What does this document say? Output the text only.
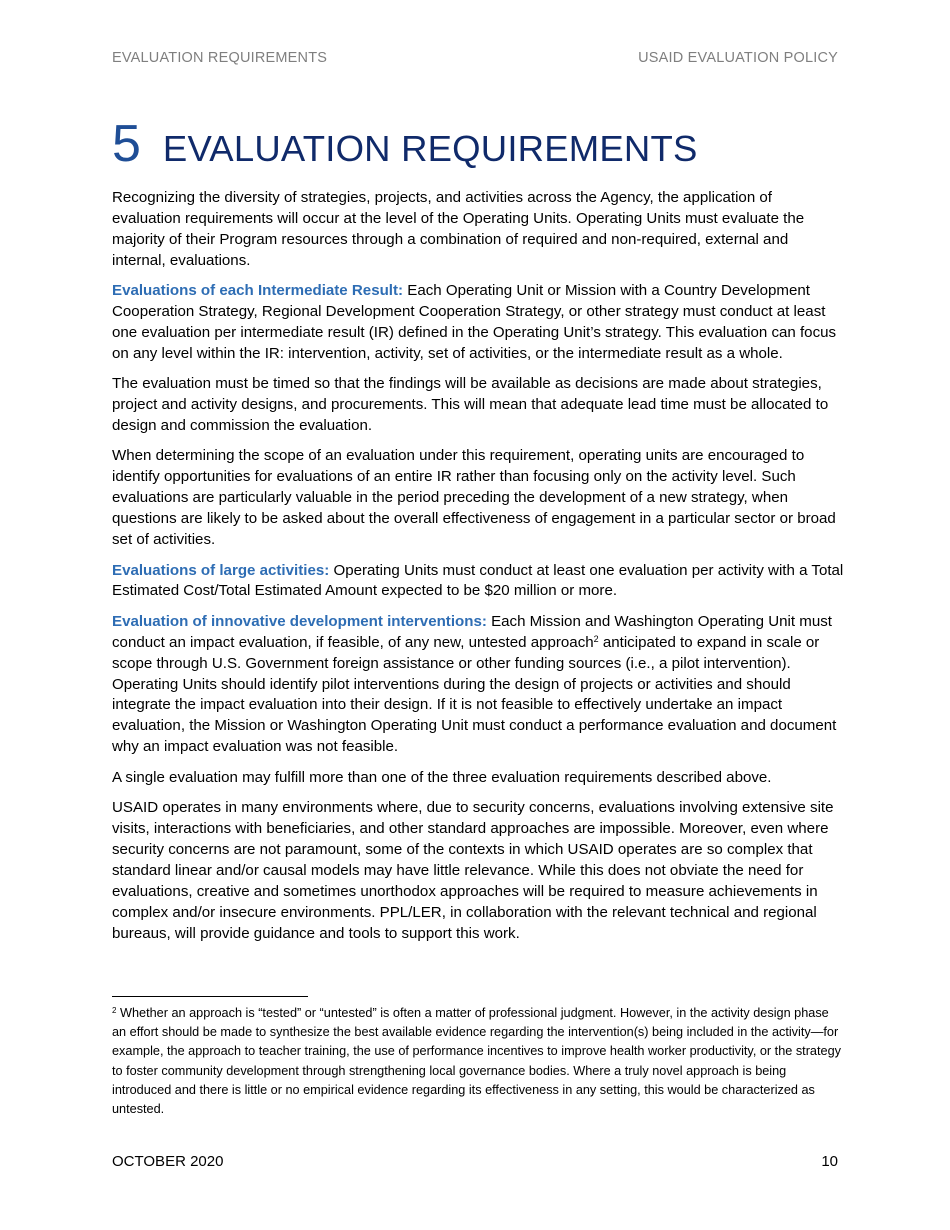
EVALUATION REQUIREMENTS	USAID EVALUATION POLICY
5 EVALUATION REQUIREMENTS

Recognizing the diversity of strategies, projects, and activities across the Agency, the application of evaluation requirements will occur at the level of the Operating Units. Operating Units must evaluate the majority of their Program resources through a combination of required and non-required, external and internal, evaluations.

Evaluations of each Intermediate Result: Each Operating Unit or Mission with a Country Development Cooperation Strategy, Regional Development Cooperation Strategy, or other strategy must conduct at least one evaluation per intermediate result (IR) defined in the Operating Unit’s strategy. This evaluation can focus on any level within the IR: intervention, activity, set of activities, or the intermediate result as a whole.

The evaluation must be timed so that the findings will be available as decisions are made about strategies, project and activity designs, and procurements. This will mean that adequate lead time must be allocated to design and commission the evaluation.

When determining the scope of an evaluation under this requirement, operating units are encouraged to identify opportunities for evaluations of an entire IR rather than focusing only on the activity level. Such evaluations are particularly valuable in the period preceding the development of a new strategy, when questions are likely to be asked about the overall effectiveness of engagement in a particular sector or broad set of activities.

Evaluations of large activities: Operating Units must conduct at least one evaluation per activity with a Total Estimated Cost/Total Estimated Amount expected to be $20 million or more.

Evaluation of innovative development interventions: Each Mission and Washington Operating Unit must conduct an impact evaluation, if feasible, of any new, untested approach$^2$ anticipated to expand in scale or scope through U.S. Government foreign assistance or other funding sources (i.e., a pilot intervention). Operating Units should identify pilot interventions during the design of projects or activities and should integrate the impact evaluation into their design. If it is not feasible to effectively undertake an impact evaluation, the Mission or Washington Operating Unit must conduct a performance evaluation and document why an impact evaluation was not feasible.

A single evaluation may fulfill more than one of the three evaluation requirements described above.

USAID operates in many environments where, due to security concerns, evaluations involving extensive site visits, interactions with beneficiaries, and other standard approaches are impossible. Moreover, even where security concerns are not paramount, some of the contexts in which USAID operates are so complex that standard linear and/or causal models may have little relevance. While this does not obviate the need for evaluations, creative and sometimes unorthodox approaches will be required to measure achievements in complex and/or insecure environments. PPL/LER, in collaboration with the relevant technical and regional bureaus, will provide guidance and tools to support this work.

$^2$ Whether an approach is “tested” or “untested” is often a matter of professional judgment. However, in the activity design phase an effort should be made to synthesize the best available evidence regarding the intervention(s) being included in the activity—for example, the approach to teacher training, the use of performance incentives to improve health worker productivity, or the strategy to foster community development through strengthening local governance bodies. Where a truly novel approach is being introduced and there is little or no empirical evidence regarding its effectiveness in any setting, this would be characterized as untested.
OCTOBER 2020	10
